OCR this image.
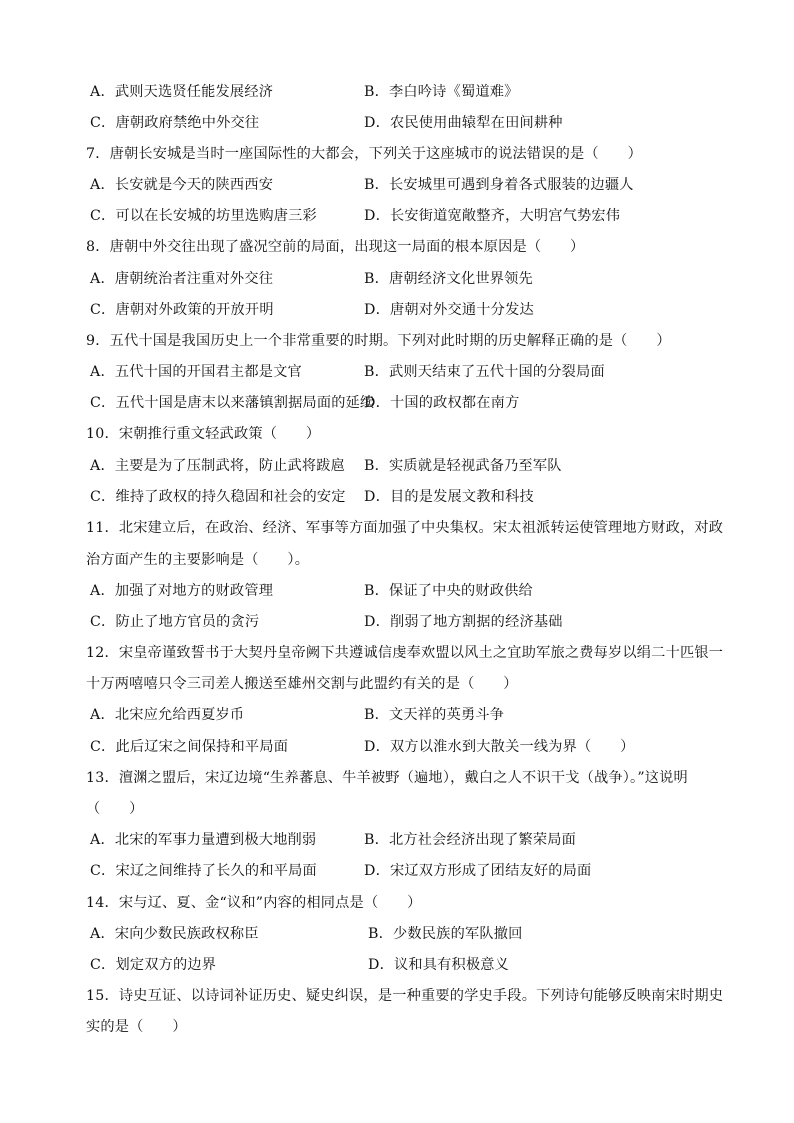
A．武则天选贤任能发展经济	B．李白吟诗《蜀道难》
C．唐朝政府禁绝中外交往	D．农民使用曲辕犁在田间耕种
7．唐朝长安城是当时一座国际性的大都会，下列关于这座城市的说法错误的是（　　）
A．长安就是今天的陕西西安	B．长安城里可遇到身着各式服装的边疆人
C．可以在长安城的坊里选购唐三彩	D．长安街道宽敞整齐，大明宫气势宏伟
8．唐朝中外交往出现了盛况空前的局面，出现这一局面的根本原因是（　　）
A．唐朝统治者注重对外交往	B．唐朝经济文化世界领先
C．唐朝对外政策的开放开明	D．唐朝对外交通十分发达
9．五代十国是我国历史上一个非常重要的时期。下列对此时期的历史解释正确的是（　　）
A．五代十国的开国君主都是文官	B．武则天结束了五代十国的分裂局面
C．五代十国是唐末以来藩镇割据局面的延续
D．十国的政权都在南方
10．宋朝推行重文轻武政策（　　）
A．主要是为了压制武将，防止武将跋扈 B．实质就是轻视武备乃至军队
C．维持了政权的持久稳固和社会的安定 D．目的是发展文教和科技
11．北宋建立后，在政治、经济、军事等方面加强了中央集权。宋太祖派转运使管理地方财政，对政
治方面产生的主要影响是（　　）。
A．加强了对地方的财政管理	B．保证了中央的财政供给
C．防止了地方官员的贪污	D．削弱了地方割据的经济基础
12．宋皇帝谨致誓书于大契丹皇帝阙下共遵诚信虔奉欢盟以风土之宜助军旅之费每岁以绢二十匹银一
十万两嘻嘻只令三司差人搬送至雄州交割与此盟约有关的是（　　）
A．北宋应允给西夏岁币	B．文天祥的英勇斗争
C．此后辽宋之间保持和平局面	D．双方以淮水到大散关一线为界（　　）
13．澶渊之盟后，宋辽边境“生养蕃息、牛羊被野（遍地），戴白之人不识干戈（战争）。”这说明
（　　）
A．北宋的军事力量遭到极大地削弱	B．北方社会经济出现了繁荣局面
C．宋辽之间维持了长久的和平局面	D．宋辽双方形成了团结友好的局面
14．宋与辽、夏、金“议和”内容的相同点是（　　）
A．宋向少数民族政权称臣	B．少数民族的军队撤回
C．划定双方的边界	D．议和具有积极意义
15．诗史互证、以诗词补证历史、疑史纠误，是一种重要的学史手段。下列诗句能够反映南宋时期史
实的是（　　）
